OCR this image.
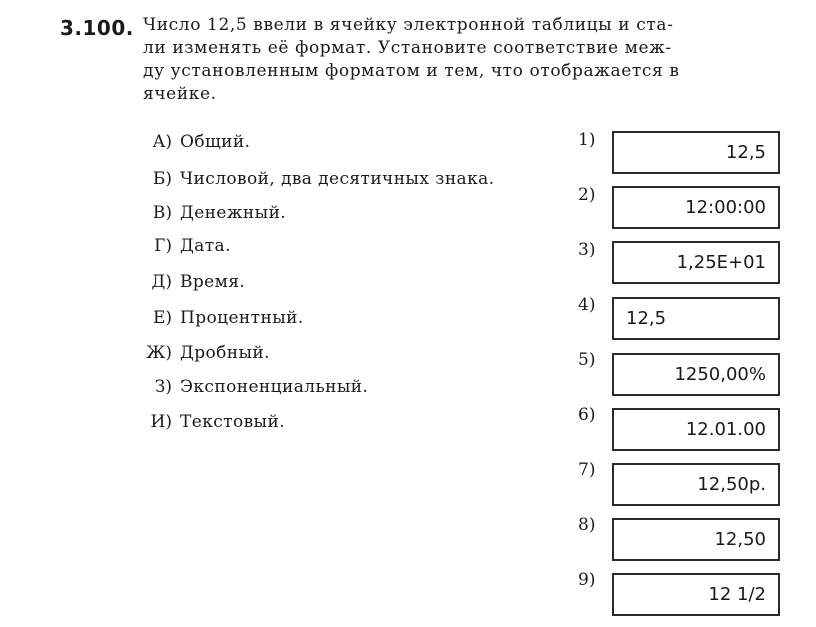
3.100. Число 12,5 ввели в ячейку электронной таблицы и ста-
ли изменять её формат. Установите соответствие меж-
ду установленным форматом и тем, что отображается в
ячейке.
А) Общий.
Б) Числовой, два десятичных знака.
В) Денежный.
Г) Дата.
Д) Время.
Е) Процентный.
Ж) Дробный.
З) Экспоненциальный.
И) Текстовый.
1)
12,5
2)
12:00:00
3)
1,25E+01
4)
12,5
5)
1250,00%
6)
12.01.00
7)
12,50р.
8)
12,50
9)
12 1/2
